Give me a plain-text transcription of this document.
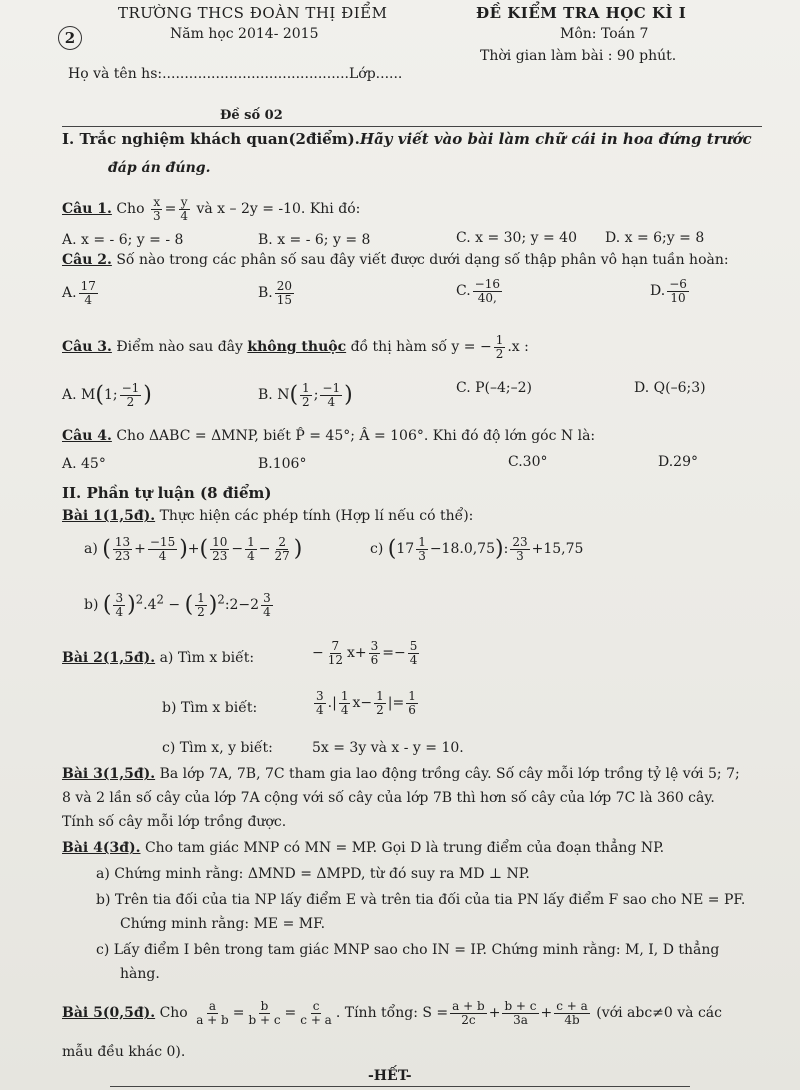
TRƯỜNG THCS ĐOÀN THỊ ĐIỂM
Năm học 2014- 2015
ĐỀ KIỂM TRA HỌC KÌ I
Môn: Toán 7
Thời gian làm bài : 90 phút.
2
Họ và tên hs:..........................................Lớp......
Đề số 02
I. Trắc nghiệm khách quan(2điểm).Hãy viết vào bài làm chữ cái in hoa đứng trước
đáp án đúng.
Câu 1. Cho $\frac{x}{3} = \frac{y}{4}$ và x – 2y = -10. Khi đó:
A. x = - 6; y = - 8	B. x = - 6; y = 8	C. x = 30; y = 40 D. x = 6;y = 8
Câu 2. Số nào trong các phân số sau đây viết được dưới dạng số thập phân vô hạn tuần hoàn:
A. $\frac{17}{4}$	B. $\frac{20}{15}$	C. $\frac{-16}{40,}$	D. $\frac{-6}{10}$
Câu 3. Điểm nào sau đây không thuộc đồ thị hàm số y = − $\frac{1}{2} .x$ :
A. M(1; $\frac{-1}{2}$ )	B. $N( \frac{1}{2}$ ; $\frac{-1}{4}$ )	C. P(–4;–2)	D. Q(–6;3)
Câu 4. Cho ΔABC = ΔMNP, biết P̂ = 45°; Â = 106°. Khi đó độ lớn góc N là:
A. 45°	B.106°	C.30°	D.29°
II. Phần tự luận (8 điểm)
Bài 1(1,5đ). Thực hiện các phép tính (Hợp lí nếu có thể):
a) ( $\frac{13}{23} + \frac{-15}{4}$ )+( $\frac{10}{23} - \frac{1}{4} - \frac{2}{27}$ )	c) $(17 \frac{1}{3} -18.0,75)$: $\frac{23}{3} +15,75$
b) ( $\frac{3}{4} )^2.4^2$ − ( $\frac{1}{2}$ )$^2$:2−2 $\frac{3}{4}$
Bài 2(1,5đ). a) Tìm x biết:	− $\frac{7}{12} x+ \frac{3}{6} =- \frac{5}{4}$
b) Tìm x biết:	$\frac{3}{4}$ .| $\frac{1}{4} x- \frac{1}{2}$ |= $\frac{1}{6}$
c) Tìm x, y biết:	5x = 3y và x - y = 10.
Bài 3(1,5đ). Ba lớp 7A, 7B, 7C tham gia lao động trồng cây. Số cây mỗi lớp trồng tỷ lệ với 5; 7;
8 và 2 lần số cây của lớp 7A cộng với số cây của lớp 7B thì hơn số cây của lớp 7C là 360 cây.
Tính số cây mỗi lớp trồng được.
Bài 4(3đ). Cho tam giác MNP có MN = MP. Gọi D là trung điểm của đoạn thẳng NP.
a) Chứng minh rằng: ΔMND = ΔMPD, từ đó suy ra MD ⊥ NP.
b) Trên tia đối của tia NP lấy điểm E và trên tia đối của tia PN lấy điểm F sao cho NE = PF.
Chứng minh rằng: ME = MF.
c) Lấy điểm I bên trong tam giác MNP sao cho IN = IP. Chứng minh rằng: M, I, D thẳng
hàng.
Bài 5(0,5đ). Cho $\frac{a}{a + b} = \frac{b}{b + c} = \frac{c}{c + a}$ . Tính tổng: $S = \frac{a + b}{2c} + \frac{b + c}{3a} + \frac{c + a}{4b}$ (với abc≠0 và các
mẫu đều khác 0).
-HẾT-
